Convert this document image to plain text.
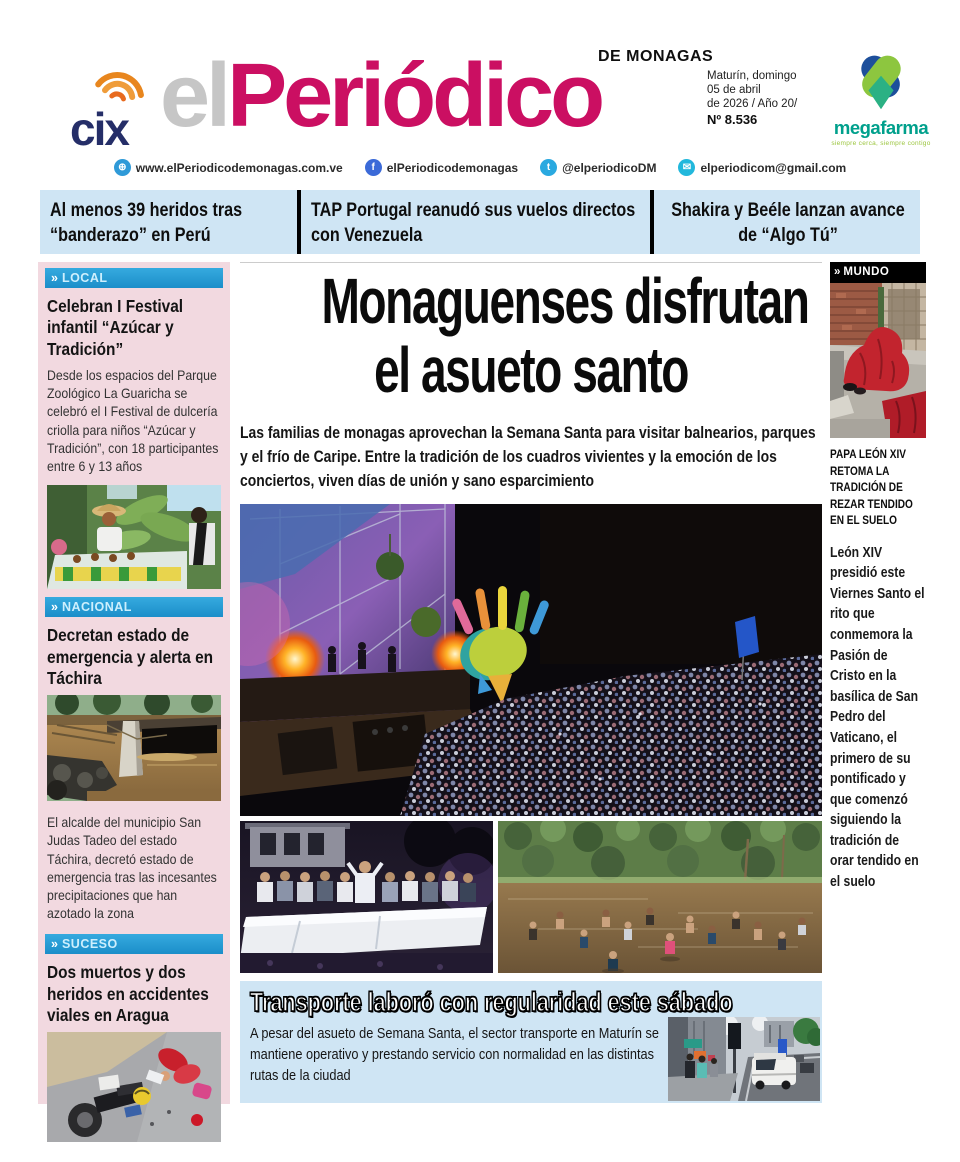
cix elPeriódico
DE MONAGAS
Maturín, domingo
05 de abril
de 2026 / Año 20/
Nº 8.536	megafarma
siempre cerca, siempre contigo
⊕ www.elPeriodicodemonagas.com.ve	f elPeriodicodemonagas	t @elperiodicoDM	✉ elperiodicom@gmail.com
Al menos 39 heridos tras “banderazo” en Perú
TAP Portugal reanudó sus vuelos directos con Venezuela
Shakira y Beéle lanzan avance de “Algo Tú”
» LOCAL
Celebran I Festival infantil “Azúcar y Tradición”
Desde los espacios del Parque Zoológico La Guaricha se celebró el I Festival de dulcería criolla para niños “Azúcar y Tradición”, con 18 participantes entre 6 y 13 años
» NACIONAL
Decretan estado de emergencia y alerta en Táchira
El alcalde del municipio San Judas Tadeo del estado Táchira, decretó estado de emergencia tras las incesantes precipitaciones que han azotado la zona
» SUCESO
Dos muertos y dos heridos en accidentes viales en Aragua
Monaguenses disfrutan
el asueto santo
Las familias de monagas aprovechan la Semana Santa para visitar balnearios, parques y el frío de Caripe. Entre la tradición de los cuadros vivientes y la emoción de los conciertos, viven días de unión y sano esparcimiento
Transporte laboró con regularidad este sábado
A pesar del asueto de Semana Santa, el sector transporte en Maturín se mantiene operativo y prestando servicio con normalidad en las distintas rutas de la ciudad
» MUNDO
PAPA LEÓN XIV RETOMA LA TRADICIÓN DE REZAR TENDIDO EN EL SUELO
León XIV presidió este Viernes Santo el rito que conmemora la Pasión de Cristo en la basílica de San Pedro del Vaticano, el primero de su pontificado y que comenzó siguiendo la tradición de orar tendido en el suelo
